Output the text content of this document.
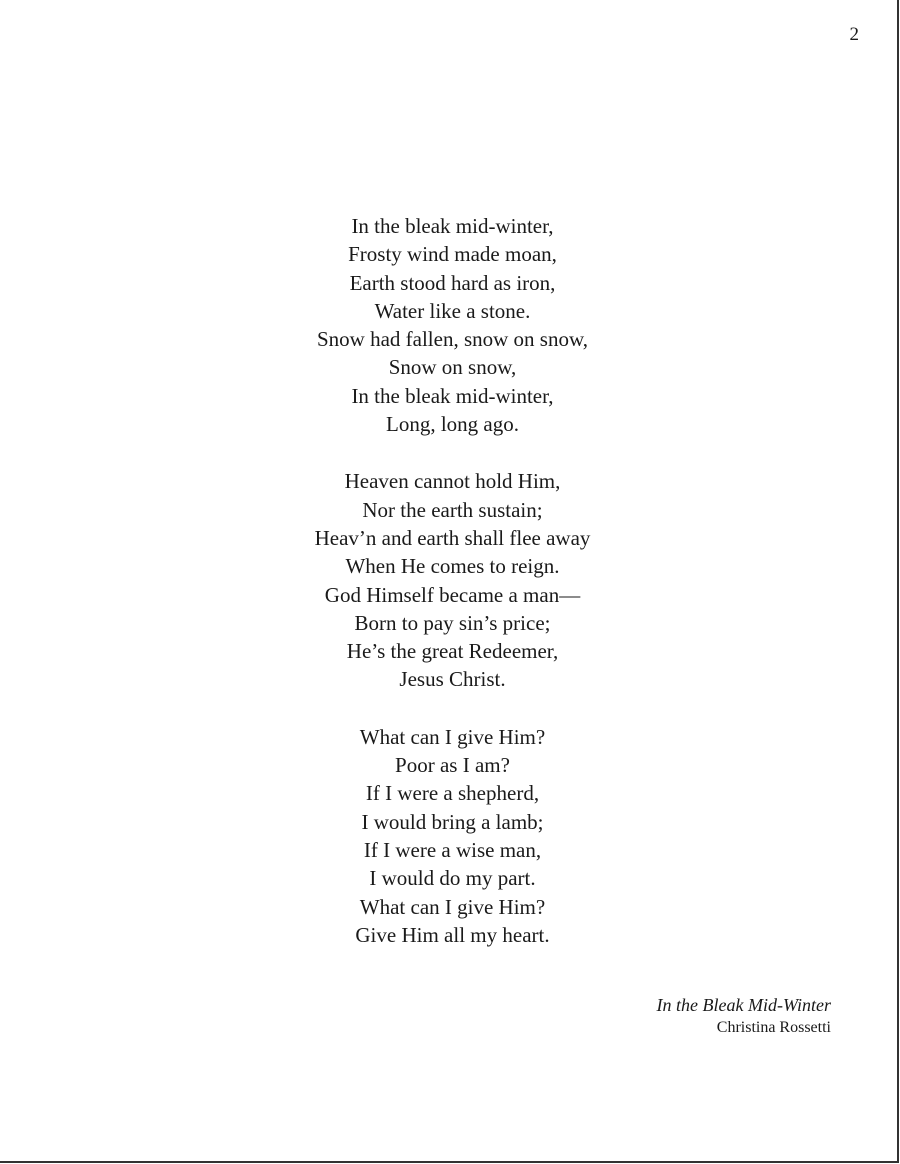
2
In the bleak mid-winter,
Frosty wind made moan,
Earth stood hard as iron,
Water like a stone.
Snow had fallen, snow on snow,
Snow on snow,
In the bleak mid-winter,
Long, long ago.
Heaven cannot hold Him,
Nor the earth sustain;
Heav’n and earth shall flee away
When He comes to reign.
God Himself became a man—
Born to pay sin’s price;
He’s the great Redeemer,
Jesus Christ.
What can I give Him?
Poor as I am?
If I were a shepherd,
I would bring a lamb;
If I were a wise man,
I would do my part.
What can I give Him?
Give Him all my heart.
In the Bleak Mid-Winter
Christina Rossetti
